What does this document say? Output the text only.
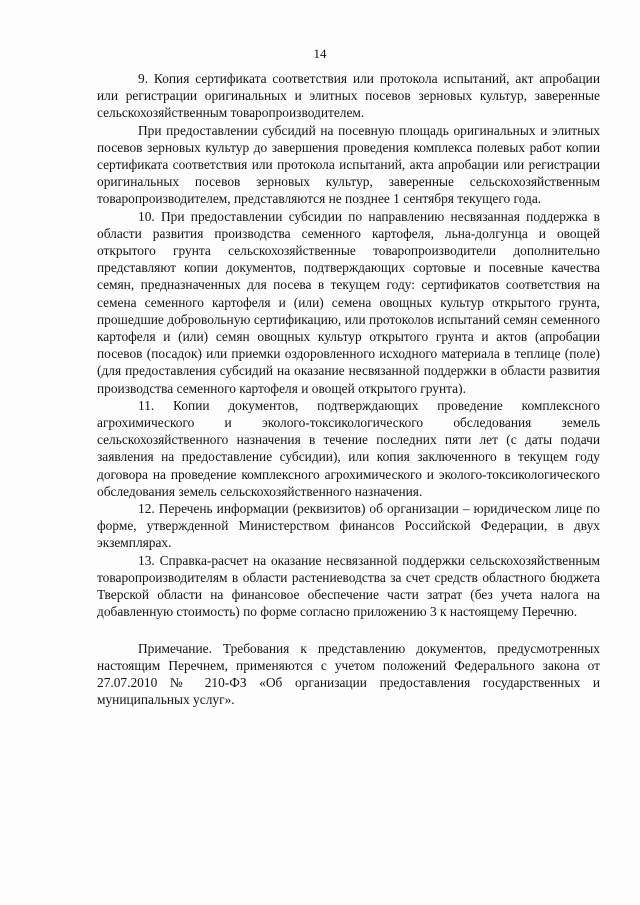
14

9. Копия сертификата соответствия или протокола испытаний, акт апробации или регистрации оригинальных и элитных посевов зерновых культур, заверенные сельскохозяйственным товаропроизводителем.

При предоставлении субсидий на посевную площадь оригинальных и элитных посевов зерновых культур до завершения проведения комплекса полевых работ копии сертификата соответствия или протокола испытаний, акта апробации или регистрации оригинальных посевов зерновых культур, заверенные сельскохозяйственным товаропроизводителем, представляются не позднее 1 сентября текущего года.

10. При предоставлении субсидии по направлению несвязанная поддержка в области развития производства семенного картофеля, льна-долгунца и овощей открытого грунта сельскохозяйственные товаропроизводители дополнительно представляют копии документов, подтверждающих сортовые и посевные качества семян, предназначенных для посева в текущем году: сертификатов соответствия на семена семенного картофеля и (или) семена овощных культур открытого грунта, прошедшие добровольную сертификацию, или протоколов испытаний семян семенного картофеля и (или) семян овощных культур открытого грунта и актов (апробации посевов (посадок) или приемки оздоровленного исходного материала в теплице (поле) (для предоставления субсидий на оказание несвязанной поддержки в области развития производства семенного картофеля и овощей открытого грунта).

11. Копии документов, подтверждающих проведение комплексного агрохимического и эколого-токсикологического обследования земель сельскохозяйственного назначения в течение последних пяти лет (с даты подачи заявления на предоставление субсидии), или копия заключенного в текущем году договора на проведение комплексного агрохимического и эколого-токсикологического обследования земель сельскохозяйственного назначения.

12. Перечень информации (реквизитов) об организации – юридическом лице по форме, утвержденной Министерством финансов Российской Федерации, в двух экземплярах.

13. Справка-расчет на оказание несвязанной поддержки сельскохозяйственным товаропроизводителям в области растениеводства за счет средств областного бюджета Тверской области на финансовое обеспечение части затрат (без учета налога на добавленную стоимость) по форме согласно приложению 3 к настоящему Перечню.

Примечание. Требования к представлению документов, предусмотренных настоящим Перечнем, применяются с учетом положений Федерального закона от 27.07.2010 № 210-ФЗ «Об организации предоставления государственных и муниципальных услуг».
